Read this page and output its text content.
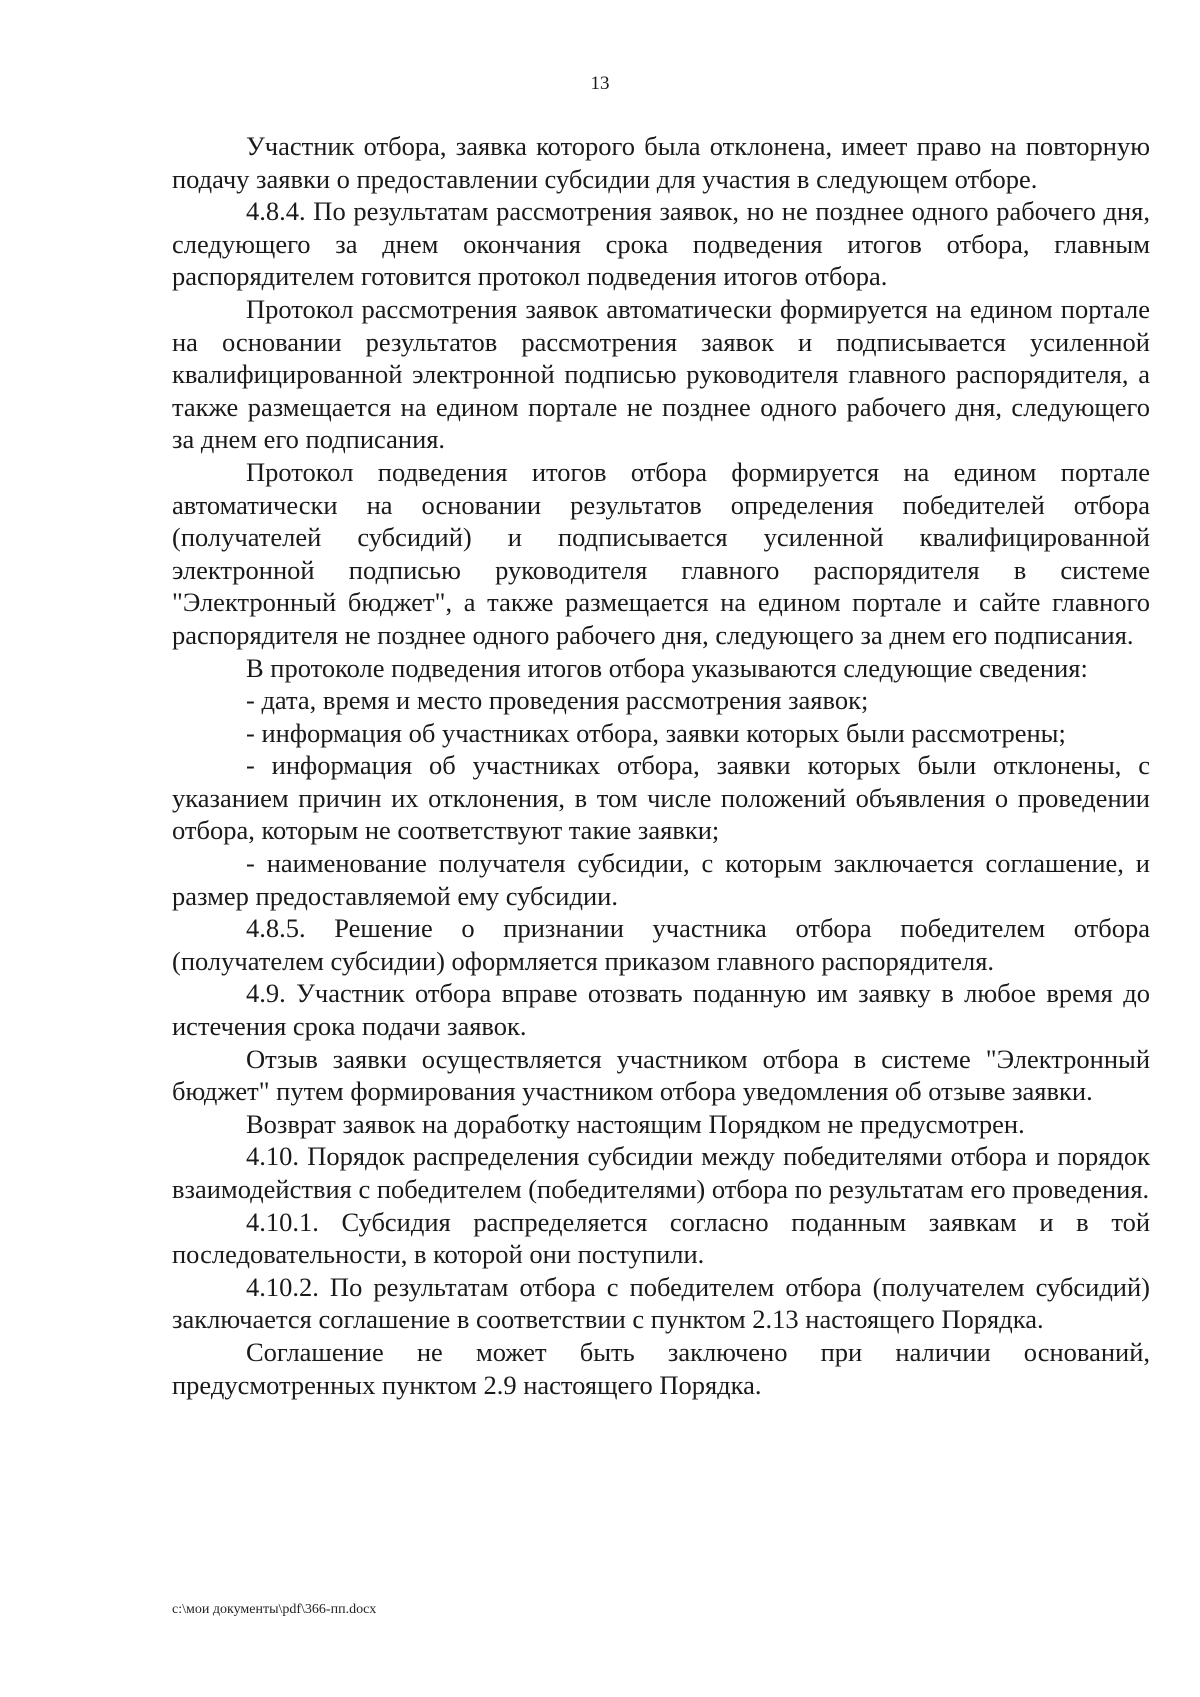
13

Участник отбора, заявка которого была отклонена, имеет право на повторную подачу заявки о предоставлении субсидии для участия в следующем отборе.

4.8.4. По результатам рассмотрения заявок, но не позднее одного рабочего дня, следующего за днем окончания срока подведения итогов отбора, главным распорядителем готовится протокол подведения итогов отбора.

Протокол рассмотрения заявок автоматически формируется на едином портале на основании результатов рассмотрения заявок и подписывается усиленной квалифицированной электронной подписью руководителя главного распорядителя, а также размещается на едином портале не позднее одного рабочего дня, следующего за днем его подписания.

Протокол подведения итогов отбора формируется на едином портале автоматически на основании результатов определения победителей отбора (получателей субсидий) и подписывается усиленной квалифицированной электронной подписью руководителя главного распорядителя в системе "Электронный бюджет", а также размещается на едином портале и сайте главного распорядителя не позднее одного рабочего дня, следующего за днем его подписания.

В протоколе подведения итогов отбора указываются следующие сведения:

- дата, время и место проведения рассмотрения заявок;

- информация об участниках отбора, заявки которых были рассмотрены;

- информация об участниках отбора, заявки которых были отклонены, с указанием причин их отклонения, в том числе положений объявления о проведении отбора, которым не соответствуют такие заявки;

- наименование получателя субсидии, с которым заключается соглашение, и размер предоставляемой ему субсидии.

4.8.5. Решение о признании участника отбора победителем отбора (получателем субсидии) оформляется приказом главного распорядителя.

4.9. Участник отбора вправе отозвать поданную им заявку в любое время до истечения срока подачи заявок.

Отзыв заявки осуществляется участником отбора в системе "Электронный бюджет" путем формирования участником отбора уведомления об отзыве заявки.

Возврат заявок на доработку настоящим Порядком не предусмотрен.

4.10. Порядок распределения субсидии между победителями отбора и порядок взаимодействия с победителем (победителями) отбора по результатам его проведения.

4.10.1. Субсидия распределяется согласно поданным заявкам и в той последовательности, в которой они поступили.

4.10.2. По результатам отбора с победителем отбора (получателем субсидий) заключается соглашение в соответствии с пунктом 2.13 настоящего Порядка.

Соглашение не может быть заключено при наличии оснований, предусмотренных пунктом 2.9 настоящего Порядка.

c:\мои документы\pdf\366-пп.docx
